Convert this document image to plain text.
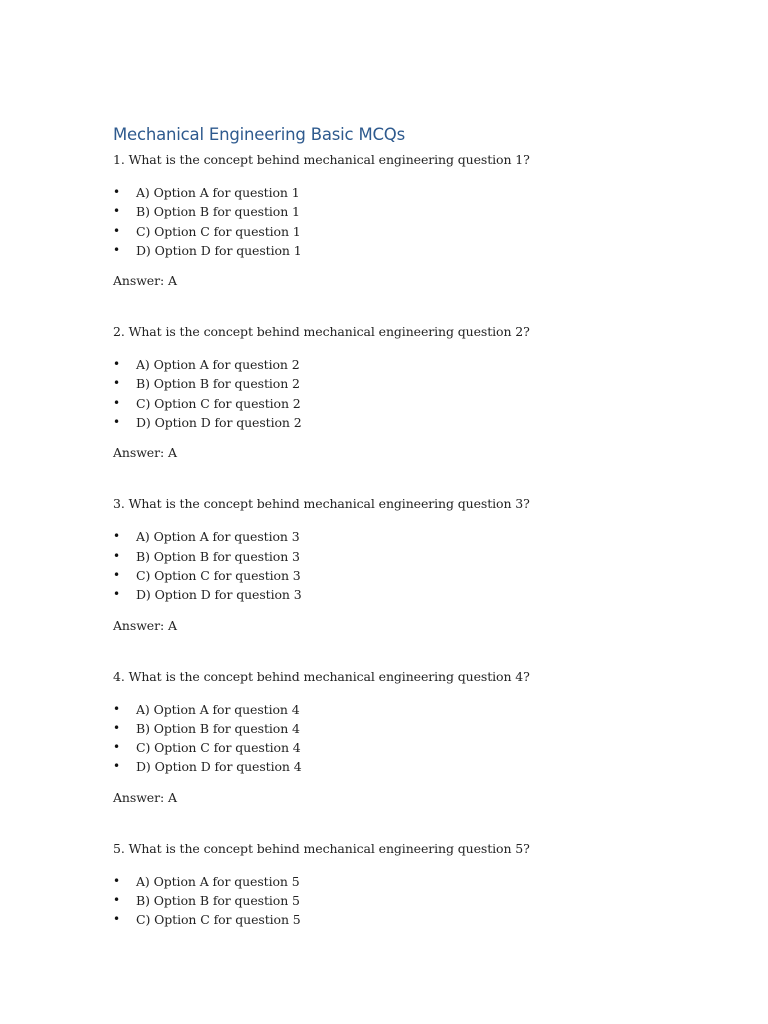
Mechanical Engineering Basic MCQs

1. What is the concept behind mechanical engineering question 1?

• A) Option A for question 1
• B) Option B for question 1
• C) Option C for question 1
• D) Option D for question 1

Answer: A

2. What is the concept behind mechanical engineering question 2?

• A) Option A for question 2
• B) Option B for question 2
• C) Option C for question 2
• D) Option D for question 2

Answer: A

3. What is the concept behind mechanical engineering question 3?

• A) Option A for question 3
• B) Option B for question 3
• C) Option C for question 3
• D) Option D for question 3

Answer: A

4. What is the concept behind mechanical engineering question 4?

• A) Option A for question 4
• B) Option B for question 4
• C) Option C for question 4
• D) Option D for question 4

Answer: A

5. What is the concept behind mechanical engineering question 5?

• A) Option A for question 5
• B) Option B for question 5
• C) Option C for question 5
